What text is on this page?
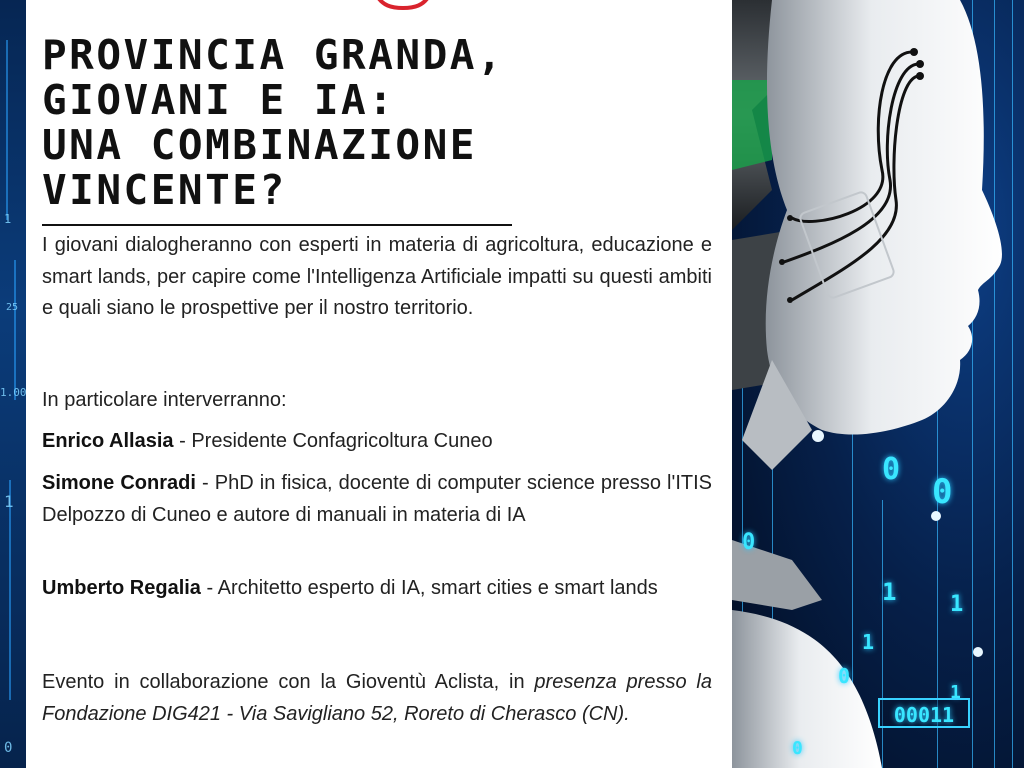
1
25
1.00
1
0
0
0
0
1 1
1
1
0
0
00011
PROVINCIA GRANDA,
GIOVANI E IA:
UNA COMBINAZIONE
VINCENTE?

I giovani dialogheranno con esperti in materia di agricoltura, educazione e smart lands, per capire come l'Intelligenza Artificiale impatti su questi ambiti e quali siano le prospettive per il nostro territorio.

In particolare interverranno:

Enrico Allasia - Presidente Confagricoltura Cuneo

Simone Conradi - PhD in fisica, docente di computer science presso l'ITIS Delpozzo di Cuneo e autore di manuali in materia di IA

Umberto Regalia - Architetto esperto di IA, smart cities e smart lands

Evento in collaborazione con la Gioventù Aclista, in presenza presso la Fondazione DIG421 - Via Savigliano 52, Roreto di Cherasco (CN).
